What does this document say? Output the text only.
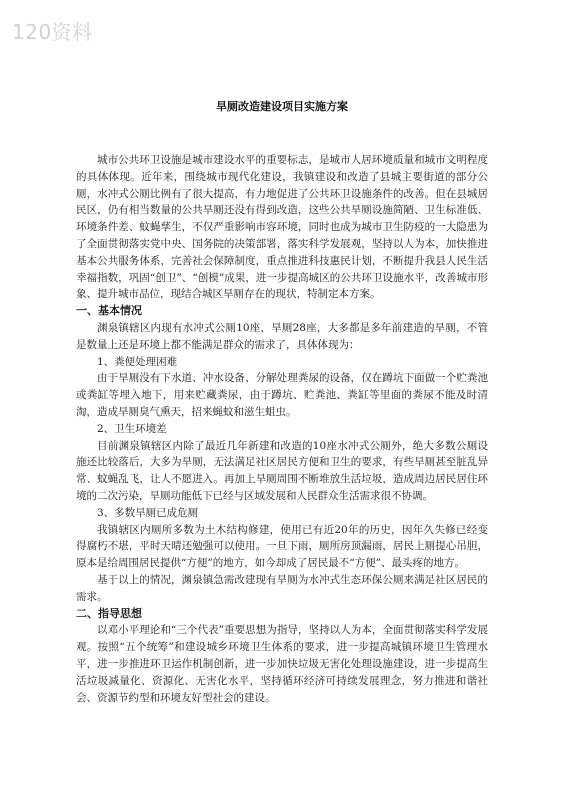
120资料
旱厕改造建设项目实施方案

城市公共环卫设施是城市建设水平的重要标志，是城市人居环境质量和城市文明程度的具体体现。近年来，围绕城市现代化建设，我镇建设和改造了县城主要街道的部分公厕，水冲式公厕比例有了很大提高，有力地促进了公共环卫设施条件的改善。但在县城居民区，仍有相当数量的公共旱厕还没有得到改造，这些公共旱厕设施简陋、卫生标准低、环境条件差、蚊蝇孳生，不仅严重影响市容环境，同时也成为城市卫生防疫的一大隐患为了全面贯彻落实党中央、国务院的决策部署，落实科学发展观，坚持以人为本，加快推进基本公共服务体系，完善社会保障制度，重点推进科技惠民计划，不断提升我县人民生活幸福指数，巩固“创卫”、“创模”成果，进一步提高城区的公共环卫设施水平，改善城市形象、提升城市品位，现结合城区旱厕存在的现状，特制定本方案。

一、基本情况

渊泉镇辖区内现有水冲式公厕10座，旱厕28座，大多都是多年前建造的旱厕，不管是数量上还是环境上都不能满足群众的需求了，具体体现为：

1、粪便处理困难

由于旱厕没有下水道、冲水设备、分解处理粪尿的设备，仅在蹲坑下面做一个贮粪池或粪缸等埋入地下，用来贮藏粪尿，由于蹲坑、贮粪池、粪缸等里面的粪尿不能及时清淘，造成旱厕臭气熏天，招来蝇蚊和滋生蛆虫。

2、卫生环境差

目前渊泉镇辖区内除了最近几年新建和改造的10座水冲式公厕外，绝大多数公厕设施还比较落后，大多为旱厕，无法满足社区居民方便和卫生的要求，有些旱厕甚至脏乱异常、蚊蝇乱飞，让人不愿进入。再加上旱厕周围不断堆放生活垃圾，造成周边居民居住环境的二次污染，旱厕功能低下已经与区域发展和人民群众生活需求很不协调。

3、多数旱厕已成危厕

我镇辖区内厕所多数为土木结构修建，使用已有近20年的历史，因年久失修已经变得腐朽不堪，平时天晴还勉强可以使用。一旦下雨，厕所房顶漏雨，居民上厕提心吊胆，原本是给周围居民提供“方便”的地方，如今却成了居民最不“方便”、最头疼的地方。

基于以上的情况，渊泉镇急需改建现有旱厕为水冲式生态环保公厕来满足社区居民的需求。

二、指导思想

以邓小平理论和“三个代表”重要思想为指导，坚持以人为本，全面贯彻落实科学发展观。按照“五个统筹”和建设城乡环境卫生体系的要求，进一步提高城镇环境卫生管理水平，进一步推进环卫运作机制创新，进一步加快垃圾无害化处理设施建设，进一步提高生活垃圾减量化、资源化、无害化水平，坚持循环经济可持续发展理念，努力推进和谐社会、资源节约型和环境友好型社会的建设。
